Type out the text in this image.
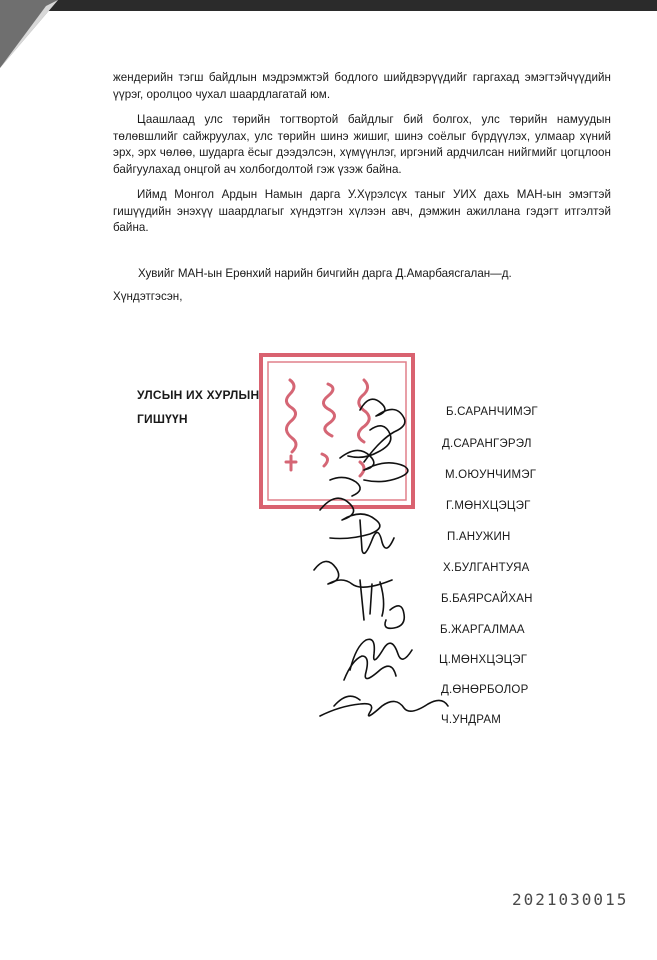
жендерийн тэгш байдлын мэдрэмжтэй бодлого шийдвэрүүдийг гаргахад эмэгтэйчүүдийн үүрэг, оролцоо чухал шаардлагатай юм.
Цаашлаад улс төрийн тогтвортой байдлыг бий болгох, улс төрийн намуудын төлөвшлийг сайжруулах, улс төрийн шинэ жишиг, шинэ соёлыг бүрдүүлэх, улмаар хүний эрх, эрх чөлөө, шударга ёсыг дээдэлсэн, хүмүүнлэг, иргэний ардчилсан нийгмийг цогцлоон байгуулахад онцгой ач холбогдолтой гэж үзэж байна.
Иймд Монгол Ардын Намын дарга У.Хүрэлсүх таныг УИХ дахь МАН-ын эмэгтэй гишүүдийн энэхүү шаардлагыг хүндэтгэн хүлээн авч, дэмжин ажиллана гэдэгт итгэлтэй байна.
Хувийг МАН-ын Ерөнхий нарийн бичгийн дарга Д.Амарбаясгалан—д.
Хүндэтгэсэн,
УЛСЫН ИХ ХУРЛЫН
ГИШҮҮН	Б.САРАНЧИМЭГ
Д.САРАНГЭРЭЛ
М.ОЮУНЧИМЭГ
Г.МӨНХЦЭЦЭГ
П.АНУЖИН
Х.БУЛГАНТУЯА
Б.БАЯРСАЙХАН
Б.ЖАРГАЛМАА
Ц.МӨНХЦЭЦЭГ
Д.ӨНӨРБОЛОР
Ч.УНДРАМ
2021030015
